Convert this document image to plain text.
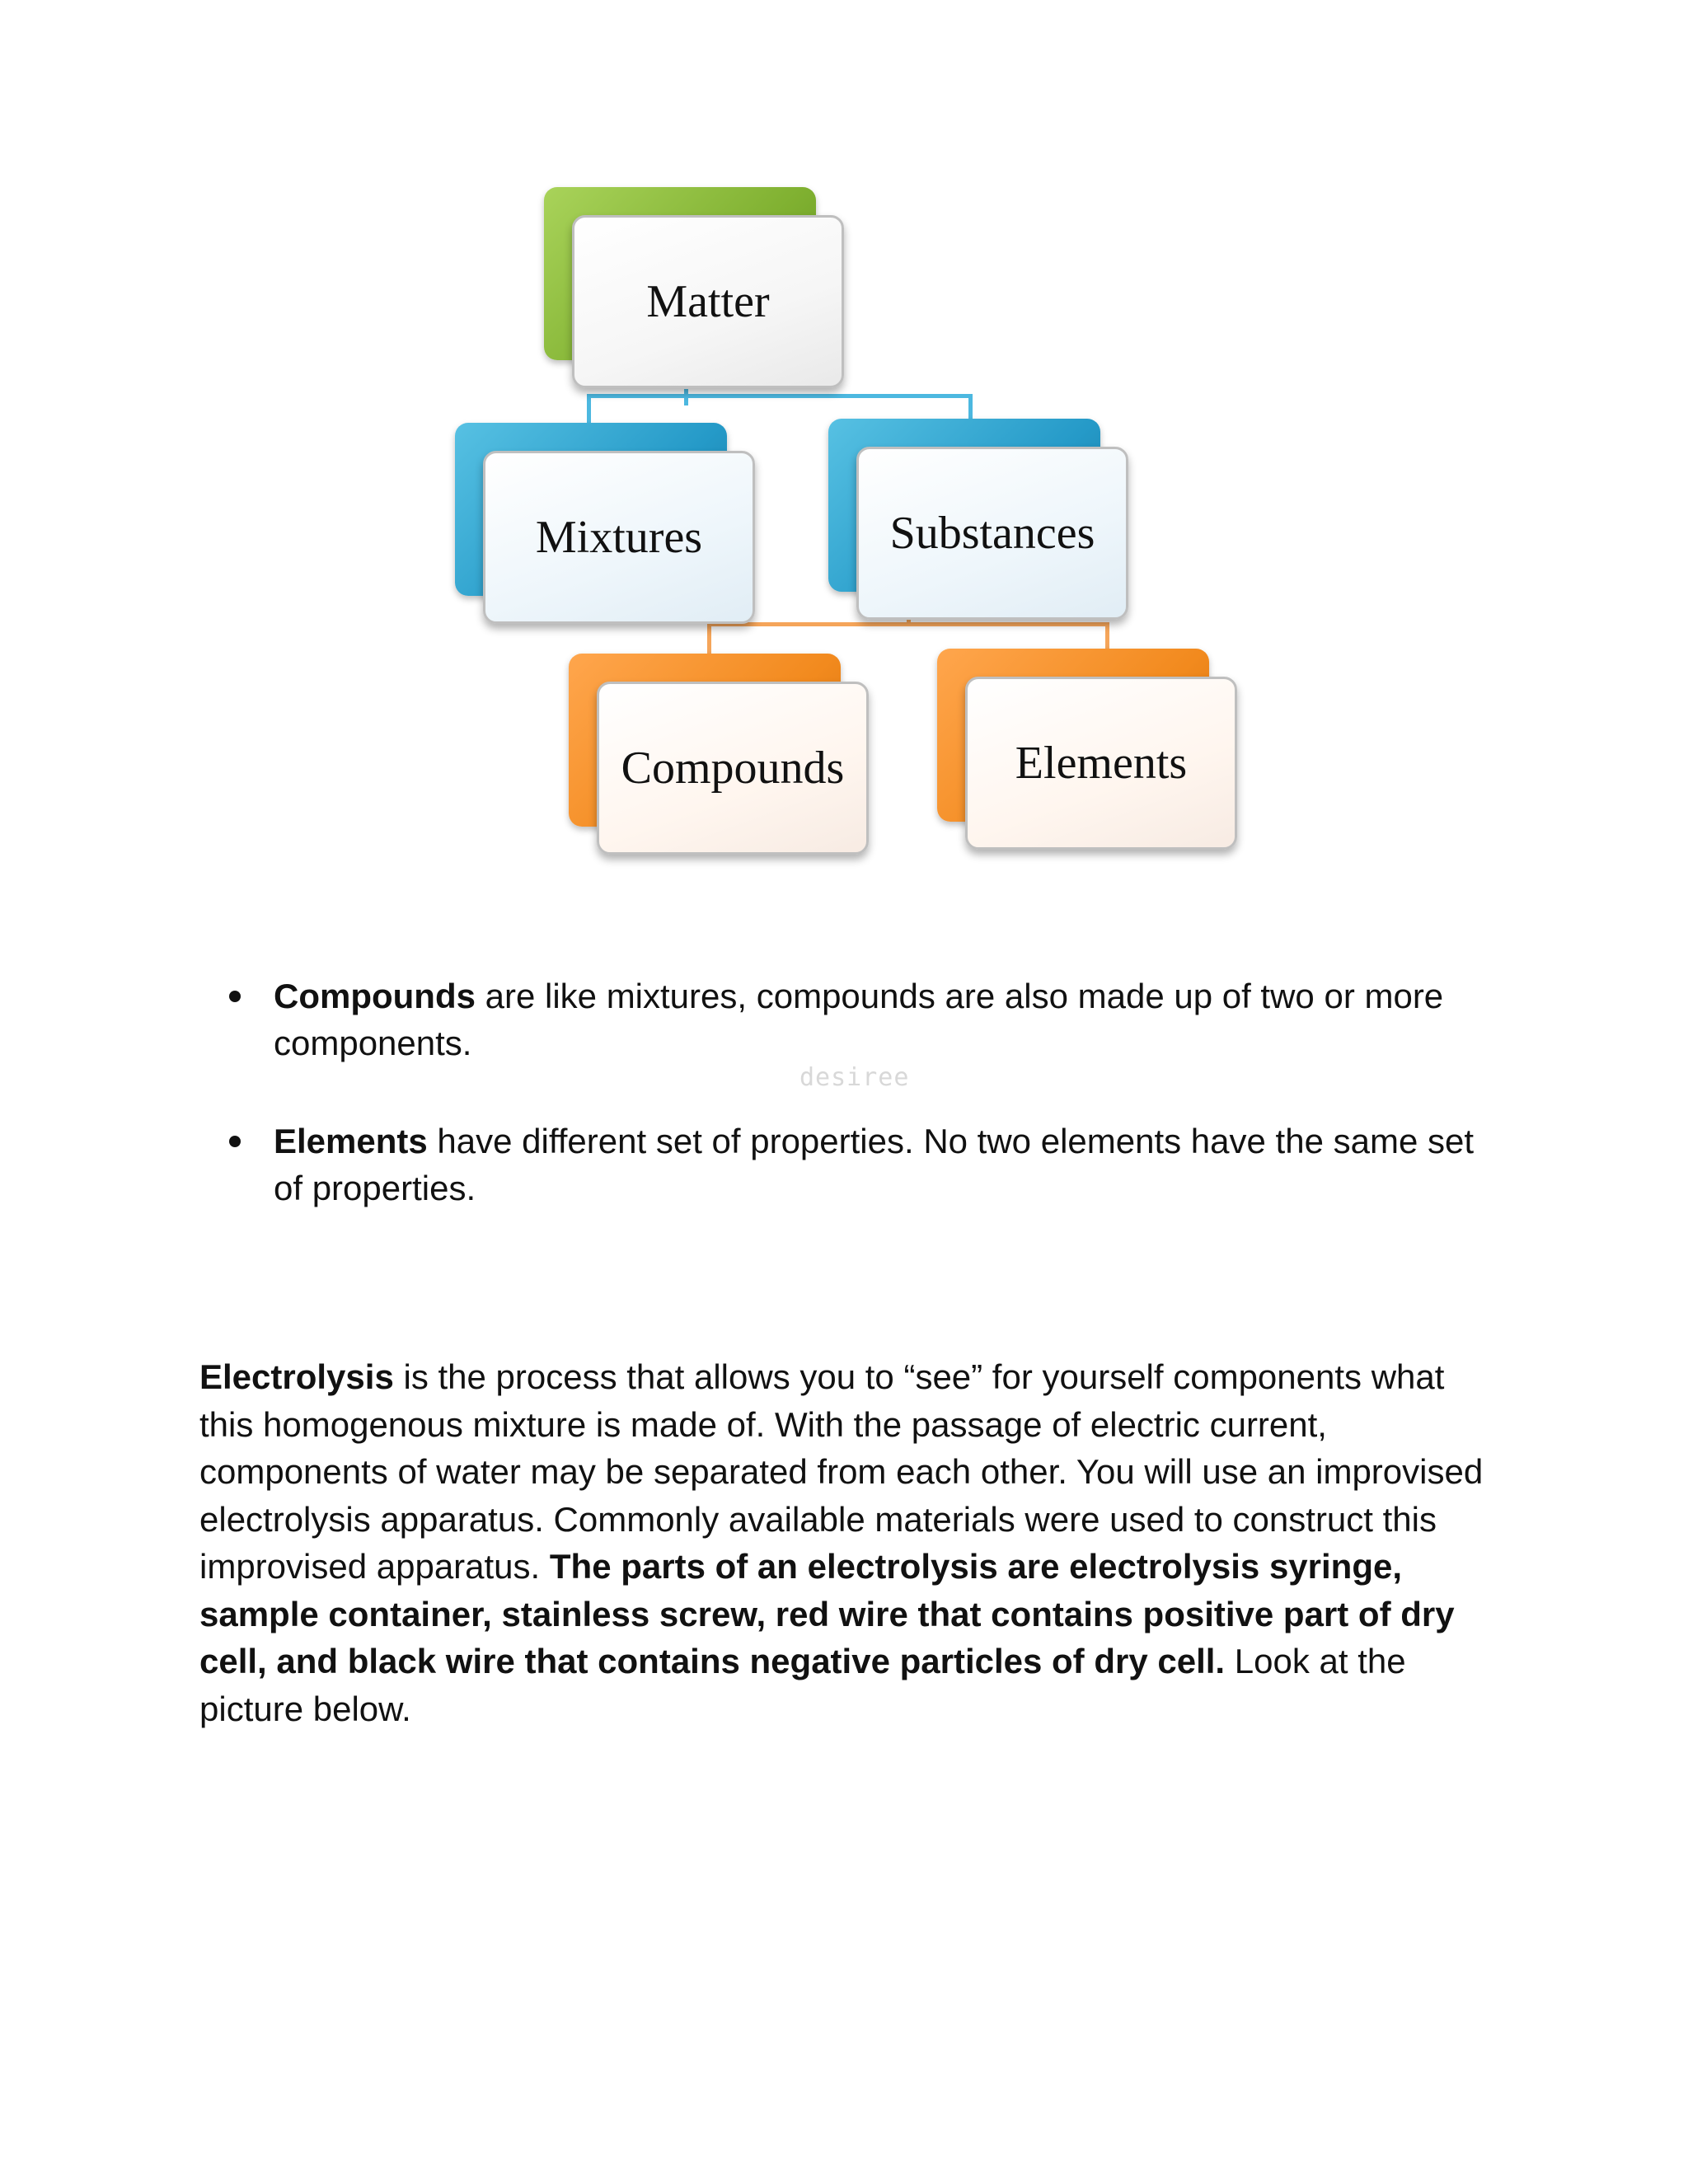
Matter
Mixtures	Substances
Compounds	Elements
Compounds are like mixtures, compounds are also made up of two or more components.
Elements have different set of properties. No two elements have the same set of properties.
desiree

Electrolysis is the process that allows you to “see” for yourself components what this homogenous mixture is made of. With the passage of electric current, components of water may be separated from each other. You will use an improvised electrolysis apparatus. Commonly available materials were used to construct this improvised apparatus. The parts of an electrolysis are electrolysis syringe, sample container, stainless screw, red wire that contains positive part of dry cell, and black wire that contains negative particles of dry cell. Look at the picture below.
